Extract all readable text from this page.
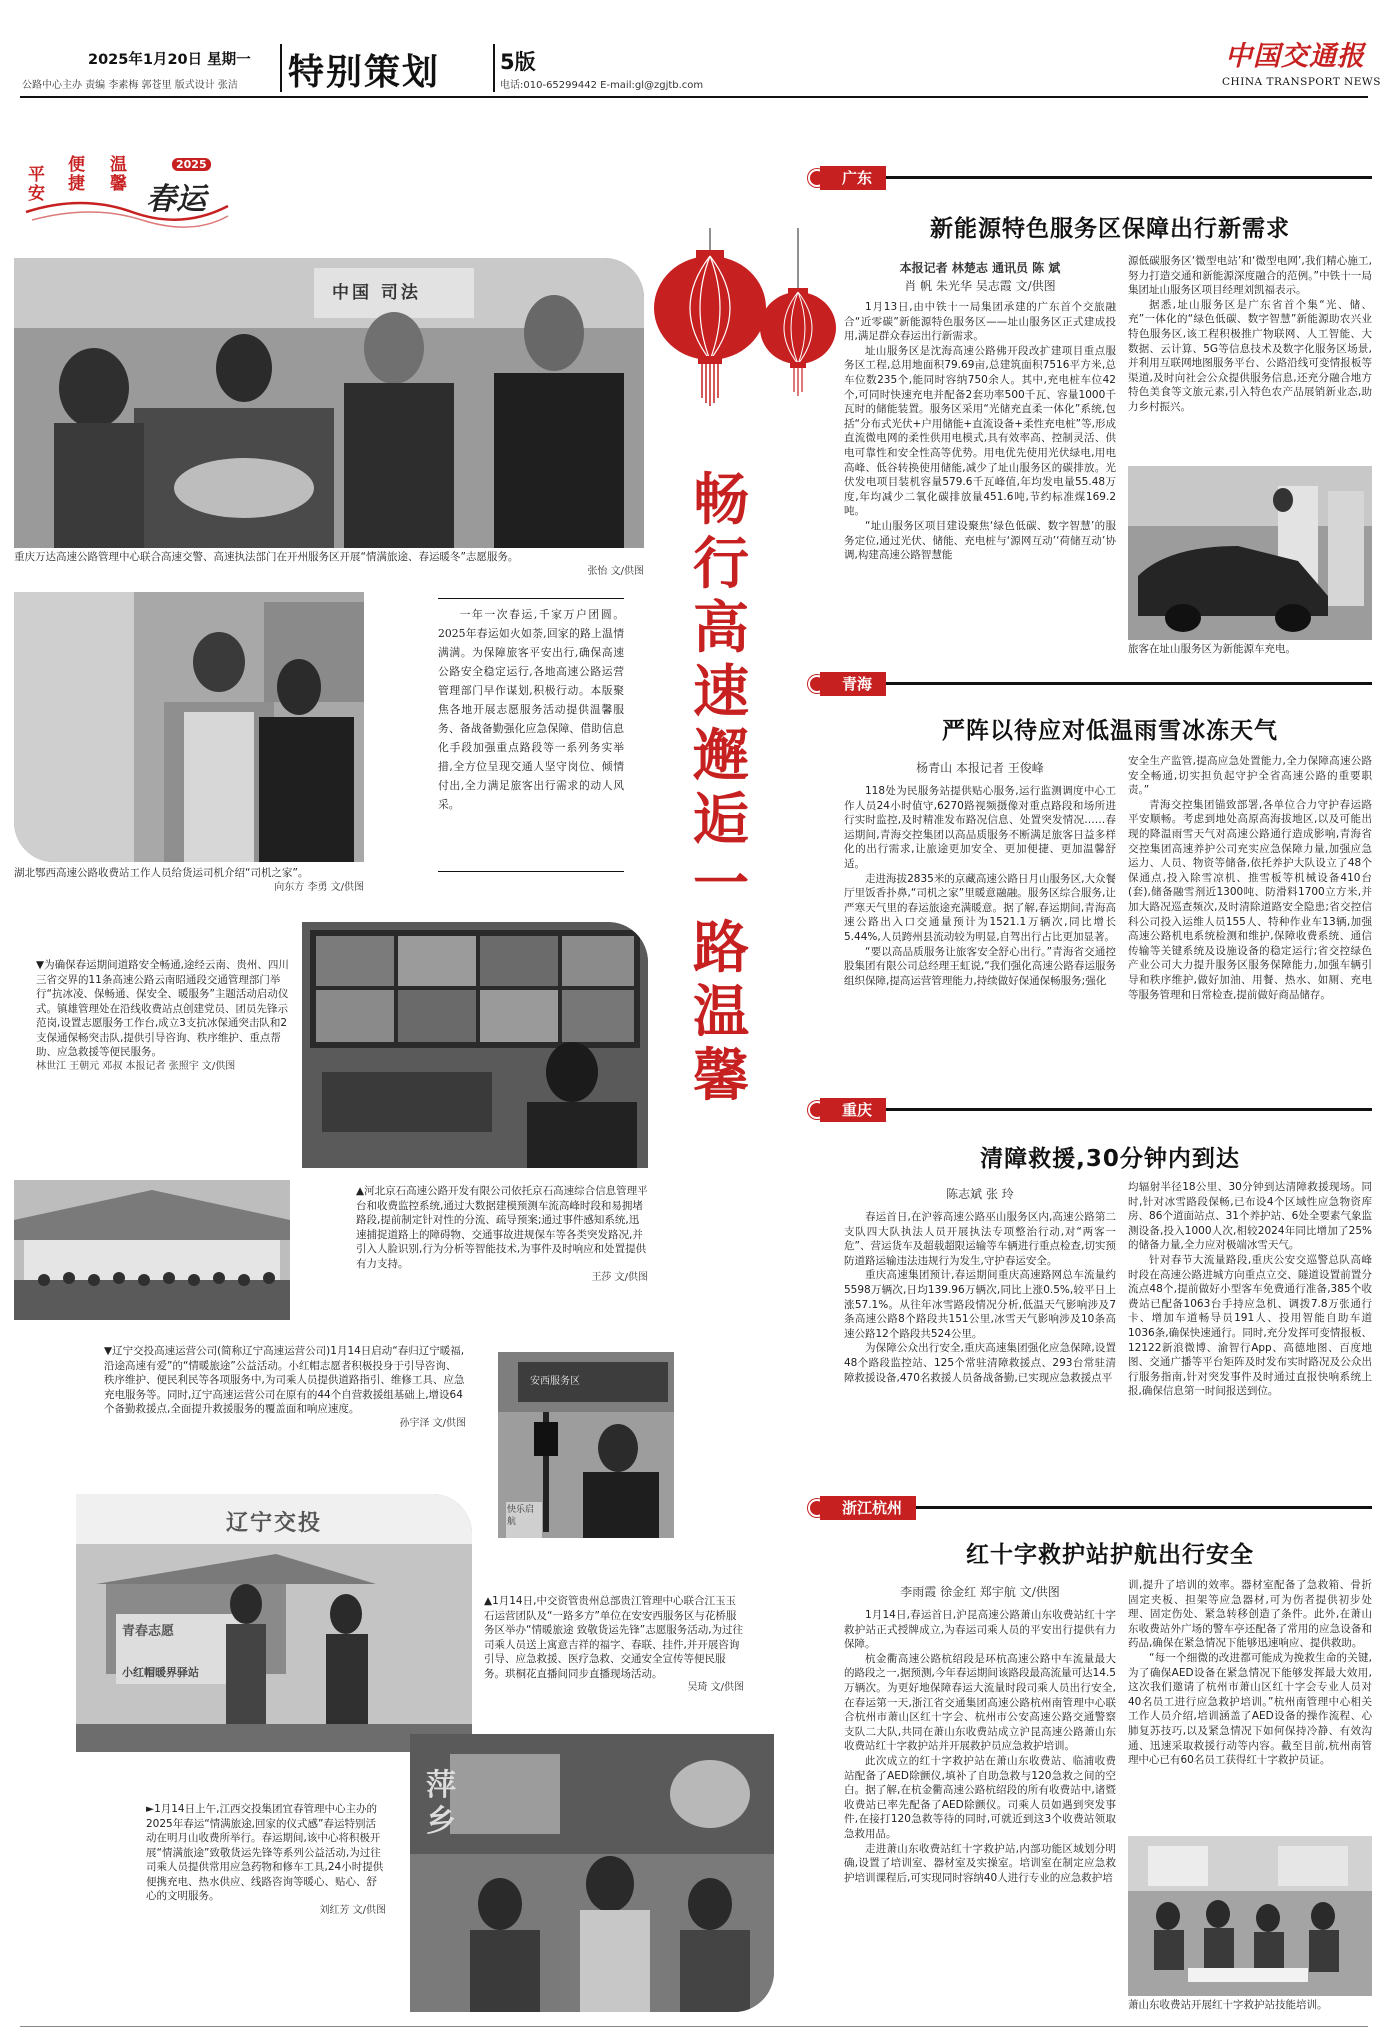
2025年1月20日 星期一
公路中心主办 责编 李素梅 郭苍里 版式设计 张洁 特别策划	5版
电话:010-65299442 E-mail:gl@zgjtb.com
中国交通报
CHINA TRANSPORT NEWS
平安
便捷
温馨
2025
春运
中国 司法
重庆万达高速公路管理中心联合高速交警、高速执法部门在开州服务区开展“情满旅途、春运暖冬”志愿服务。
张怡 文/供图
湖北鄂西高速公路收费站工作人员给货运司机介绍“司机之家”。
向东方 李勇 文/供图
一年一次春运,千家万户团圆。2025年春运如火如荼,回家的路上温情满满。为保障旅客平安出行,确保高速公路安全稳定运行,各地高速公路运营管理部门早作谋划,积极行动。本版聚焦各地开展志愿服务活动提供温馨服务、备战备勤强化应急保障、借助信息化手段加强重点路段等一系列务实举措,全方位呈现交通人坚守岗位、倾情付出,全力满足旅客出行需求的动人风采。
▼为确保春运期间道路安全畅通,途经云南、贵州、四川三省交界的11条高速公路云南昭通段交通管理部门举行“抗冰凌、保畅通、保安全、暖服务”主题活动启动仪式。镇雄管理处在沿线收费站点创建党员、团员先锋示范岗,设置志愿服务工作台,成立3支抗冰保通突击队和2支保通保畅突击队,提供引导咨询、秩序维护、重点帮助、应急救援等便民服务。
林世江 王朝元 邓叔 本报记者 张照宇 文/供图
▲河北京石高速公路开发有限公司依托京石高速综合信息管理平台和收费监控系统,通过大数据建模预测车流高峰时段和易拥堵路段,提前制定针对性的分流、疏导预案;通过事件感知系统,迅速捕捉道路上的障碍物、交通事故进规保车等各类突发路况,并引入人脸识别,行为分析等智能技术,为事件及时响应和处置提供有力支持。
王莎 文/供图
▼辽宁交投高速运营公司(简称辽宁高速运营公司)1月14日启动“春归辽宁暖福,沿途高速有爱”的“情暖旅途”公益活动。小红帽志愿者积极投身于引导咨询、秩序维护、便民利民等各项服务中,为司乘人员提供道路指引、维修工具、应急充电服务等。同时,辽宁高速运营公司在原有的44个自营救援组基础上,增设64个备勤救援点,全面提升救援服务的覆盖面和响应速度。
孙宇泽 文/供图
安西服务区
快乐启航
辽宁交投
青春志愿
小红帽暖界驿站
▲1月14日,中交资管贵州总部贵江管理中心联合江玉玉石运营团队及“一路多方”单位在安安西服务区与花桥服务区举办“情暖旅途 致敬货运先锋”志愿服务活动,为过往司乘人员送上寓意吉祥的福字、春联、挂件,并开展咨询引导、应急救援、医疗急救、交通安全宣传等便民服务。珙桐花直播间同步直播现场活动。
吴琦 文/供图
►1月14日上午,江西交投集团宜春管理中心主办的2025年春运“情满旅途,回家的仪式感”春运特别活动在明月山收费所举行。春运期间,该中心将积极开展“情满旅途”致敬货运先锋等系列公益活动,为过往司乘人员提供常用应急药物和修车工具,24小时提供便携充电、热水供应、线路咨询等暖心、贴心、舒心的文明服务。
刘红芳 文/供图
萍乡
畅行高速 邂逅一路温馨
广东
新能源特色服务区保障出行新需求
本报记者 林楚志 通讯员 陈 斌
肖 帆 朱光华 吴志霞 文/供图

1月13日,由中铁十一局集团承建的广东首个交旅融合“近零碳”新能源特色服务区——址山服务区正式建成投用,满足群众春运出行新需求。

址山服务区是沈海高速公路佛开段改扩建项目重点服务区工程,总用地面积79.69亩,总建筑面积7516平方米,总车位数235个,能同时容纳750余人。其中,充电桩车位42个,可同时快速充电并配备2套功率500千瓦、容量1000千瓦时的储能装置。服务区采用“光储充直柔一体化”系统,包括“分布式光伏+户用储能+直流设备+柔性充电桩”等,形成直流微电网的柔性供用电模式,具有效率高、控制灵活、供电可靠性和安全性高等优势。用电优先使用光伏绿电,用电高峰、低谷转换使用储能,减少了址山服务区的碳排放。光伏发电项目装机容量579.6千瓦峰值,年均发电量55.48万度,年均减少二氧化碳排放量451.6吨,节约标准煤169.2吨。

“址山服务区项目建设聚焦‘绿色低碳、数字智慧’的服务定位,通过光伏、储能、充电桩与‘源网互动’‘荷储互动’协调,构建高速公路智慧能

源低碳服务区‘微型电站’和‘微型电网’,我们精心施工,努力打造交通和新能源深度融合的范例。”中铁十一局集团址山服务区项目经理刘凯福表示。

据悉,址山服务区是广东省首个集“光、储、充”一体化的“绿色低碳、数字智慧”新能源助农兴业特色服务区,该工程积极推广物联网、人工智能、大数据、云计算、5G等信息技术及数字化服务区场景,并利用互联网地图服务平台、公路沿线可变情报板等渠道,及时向社会公众提供服务信息,还充分融合地方特色美食等文旅元素,引入特色农产品展销新业态,助力乡村振兴。

旅客在址山服务区为新能源车充电。
青海
严阵以待应对低温雨雪冰冻天气
杨青山 本报记者 王俊峰

118处为民服务站提供贴心服务,运行监测调度中心工作人员24小时值守,6270路视频摄像对重点路段和场所进行实时监控,及时精准发布路况信息、处置突发情况……春运期间,青海交控集团以高品质服务不断满足旅客日益多样化的出行需求,让旅途更加安全、更加便捷、更加温馨舒适。

走进海拔2835米的京藏高速公路日月山服务区,大众餐厅里饭香扑鼻,“司机之家”里暖意融融。服务区综合服务,让严寒天气里的春运旅途充满暖意。据了解,春运期间,青海高速公路出入口交通量预计为1521.1万辆次,同比增长5.44%,人员跨州县流动较为明显,自驾出行占比更加显著。

“要以高品质服务让旅客安全舒心出行。”青海省交通控股集团有限公司总经理王虹说,“我们强化高速公路春运服务组织保障,提高运营管理能力,持续做好保通保畅服务;强化

安全生产监管,提高应急处置能力,全力保障高速公路安全畅通,切实担负起守护全省高速公路的重要职责。”

青海交控集团锚致部署,各单位合力守护春运路平安顺畅。考虑到地处高原高海拔地区,以及可能出现的降温雨雪天气对高速公路通行造成影响,青海省交控集团高速养护公司充实应急保障力量,加强应急运力、人员、物资等储备,依托养护大队设立了48个保通点,投入除雪凉机、推雪板等机械设备410台(套),储备融雪剂近1300吨、防滑料1700立方米,并加大路况巡查频次,及时清除道路安全隐患;省交控信科公司投入运维人员155人、特种作业车13辆,加强高速公路机电系统检测和维护,保障收费系统、通信传输等关键系统及设施设备的稳定运行;省交控绿色产业公司大力提升服务区服务保障能力,加强车辆引导和秩序维护,做好加油、用餐、热水、如厕、充电等服务管理和日常检查,提前做好商品储存。

重庆
清障救援,30分钟内到达
陈志斌 张 玲

春运首日,在沪蓉高速公路巫山服务区内,高速公路第二支队四大队执法人员开展执法专项整治行动,对“两客一危”、营运货车及超载超限运输等车辆进行重点检查,切实预防道路运输违法违规行为发生,守护春运安全。

重庆高速集团预计,春运期间重庆高速路网总车流量约5598万辆次,日均139.96万辆次,同比上涨0.5%,较平日上涨57.1%。从往年冰雪路段情况分析,低温天气影响涉及7条高速公路8个路段共151公里,冰雪天气影响涉及10条高速公路12个路段共524公里。

为保障公众出行安全,重庆高速集团强化应急保障,设置48个路段监控站、125个常驻清障救援点、293台常驻清障救援设备,470名救援人员备战备勤,已实现应急救援点平

均辐射半径18公里、30分钟到达清障救援现场。同时,针对冰雪路段保畅,已布设4个区域性应急物资库房、86个道面站点、31个养护站、6处全要素气象监测设备,投入1000人次,相较2024年同比增加了25%的储备力量,全力应对极端冰雪天气。

针对春节大流量路段,重庆公安交巡警总队高峰时段在高速公路进城方向重点立交、隧道设置前置分流点48个,提前做好小型客车免费通行准备,385个收费站已配备1063台手持应急机、调拨7.8万张通行卡、增加车道畅导员191人、投用智能自助车道1036条,确保快速通行。同时,充分发挥可变情报板、12122新浪微博、渝智行App、高德地图、百度地图、交通广播等平台矩阵及时发布实时路况及公众出行服务指南,针对突发事件及时通过直报快响系统上报,确保信息第一时间报送到位。

浙江杭州
红十字救护站护航出行安全
李雨霞 徐金红 郑宇航 文/供图

1月14日,春运首日,沪昆高速公路萧山东收费站红十字救护站正式授牌成立,为春运司乘人员的平安出行提供有力保障。

杭金衢高速公路杭绍段是环杭高速公路中车流量最大的路段之一,据预测,今年春运期间该路段最高流量可达14.5万辆次。为更好地保障春运大流量时段司乘人员出行安全,在春运第一天,浙江省交通集团高速公路杭州南管理中心联合杭州市萧山区红十字会、杭州市公安高速公路交通警察支队二大队,共同在萧山东收费站成立沪昆高速公路萧山东收费站红十字救护站并开展救护员应急救护培训。

此次成立的红十字救护站在萧山东收费站、临浦收费站配备了AED除颤仪,填补了自助急救与120急救之间的空白。据了解,在杭金衢高速公路杭绍段的所有收费站中,诸暨收费站已率先配备了AED除颤仪。司乘人员如遇到突发事件,在接打120急救等待的同时,可就近到这3个收费站领取急救用品。

走进萧山东收费站红十字救护站,内部功能区域划分明确,设置了培训室、器材室及实操室。培训室在制定应急救护培训课程后,可实现同时容纳40人进行专业的应急救护培

训,提升了培训的效率。器材室配备了急救箱、骨折固定夹板、担架等应急器材,可为伤者提供初步处理、固定伤处、紧急转移创造了条件。此外,在萧山东收费站外广场的警车亭还配备了常用的应急设备和药品,确保在紧急情况下能够迅速响应、提供救助。

“每一个细微的改进都可能成为挽救生命的关键,为了确保AED设备在紧急情况下能够发挥最大效用,这次我们邀请了杭州市萧山区红十字会专业人员对40名员工进行应急救护培训。”杭州南管理中心相关工作人员介绍,培训涵盖了AED设备的操作流程、心肺复苏技巧,以及紧急情况下如何保持冷静、有效沟通、迅速采取救援行动等内容。截至目前,杭州南管理中心已有60名员工获得红十字救护员证。

萧山东收费站开展红十字救护站技能培训。
